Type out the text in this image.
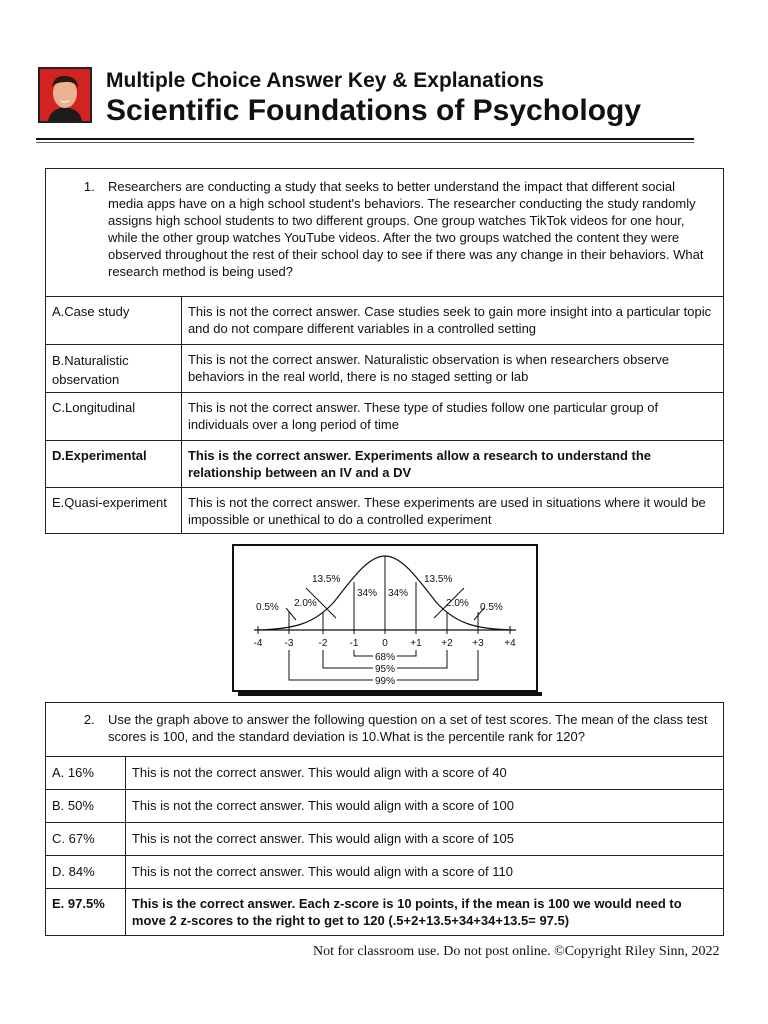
Multiple Choice Answer Key & Explanations
Scientific Foundations of Psychology
1. Researchers are conducting a study that seeks to better understand the impact that different social media apps have on a high school student's behaviors. The researcher conducting the study randomly assigns high school students to two different groups. One group watches TikTok videos for one hour, while the other group watches YouTube videos. After the two groups watched the content they were observed throughout the rest of their school day to see if there was any change in their behaviors. What research method is being used?	
A.Case study	This is not the correct answer. Case studies seek to gain more insight into a particular topic and do not compare different variables in a controlled setting
B.Naturalistic observation	This is not the correct answer. Naturalistic observation is when researchers observe behaviors in the real world, there is no staged setting or lab
C.Longitudinal	This is not the correct answer. These type of studies follow one particular group of individuals over a long period of time
D.Experimental	This is the correct answer. Experiments allow a research to understand the relationship between an IV and a DV
E.Quasi-experiment	This is not the correct answer. These experiments are used in situations where it would be impossible or unethical to do a controlled experiment
0.5% 2.0%
13.5%
34% 34%
13.5%
2.0% 0.5%
-4 -3	-2 -1 0 +1 +2 +3 +4
68%
95%
99%
2. Use the graph above to answer the following question on a set of test scores. The mean of the class test scores is 100, and the standard deviation is 10.What is the percentile rank for 120?	
A. 16%	This is not the correct answer. This would align with a score of 40
B. 50%	This is not the correct answer. This would align with a score of 100
C. 67%	This is not the correct answer. This would align with a score of 105
D. 84%	This is not the correct answer. This would align with a score of 110
E. 97.5%	This is the correct answer. Each z-score is 10 points, if the mean is 100 we would need to move 2 z-scores to the right to get to 120 (.5+2+13.5+34+34+13.5= 97.5)
Not for classroom use. Do not post online. ©Copyright Riley Sinn, 2022
